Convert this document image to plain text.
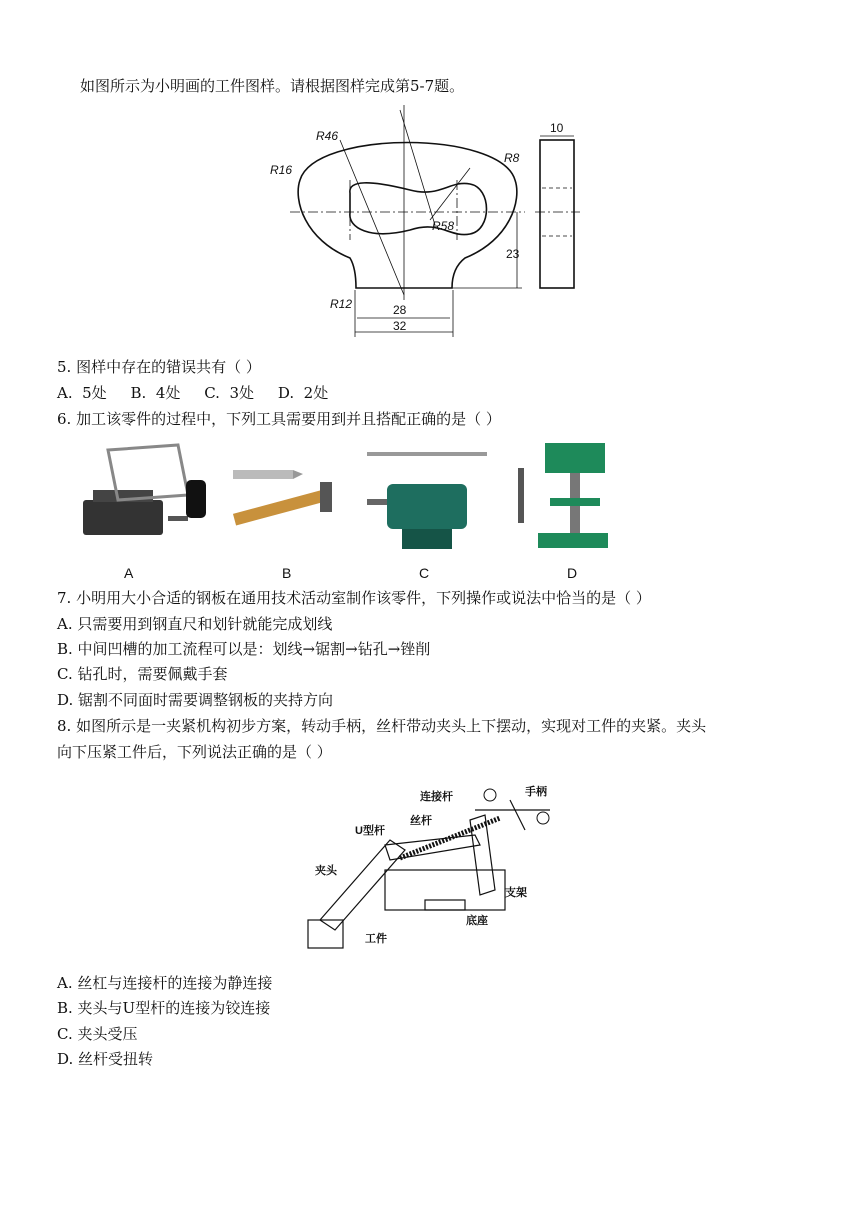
如图所示为小明画的工件图样。请根据图样完成第5-7题。
R46
R16
R8
R58
R12
23
28
32
10
5. 图样中存在的错误共有（ ）
A.  5处     B.  4处     C.  3处     D.  2处
6. 加工该零件的过程中，下列工具需要用到并且搭配正确的是（ ）
A	B	C	D
7. 小明用大小合适的钢板在通用技术活动室制作该零件，下列操作或说法中恰当的是（ ）
A. 只需要用到钢直尺和划针就能完成划线
B. 中间凹槽的加工流程可以是：划线→锯割→钻孔→锉削
C. 钻孔时，需要佩戴手套
D. 锯割不同面时需要调整钢板的夹持方向
8. 如图所示是一夹紧机构初步方案，转动手柄，丝杆带动夹头上下摆动，实现对工件的夹紧。夹头
向下压紧工件后，下列说法正确的是（ ）
连接杆	手柄
U型杆
丝杆
夹头
支架
底座
工件
A. 丝杠与连接杆的连接为静连接
B. 夹头与U型杆的连接为铰连接
C. 夹头受压
D. 丝杆受扭转
